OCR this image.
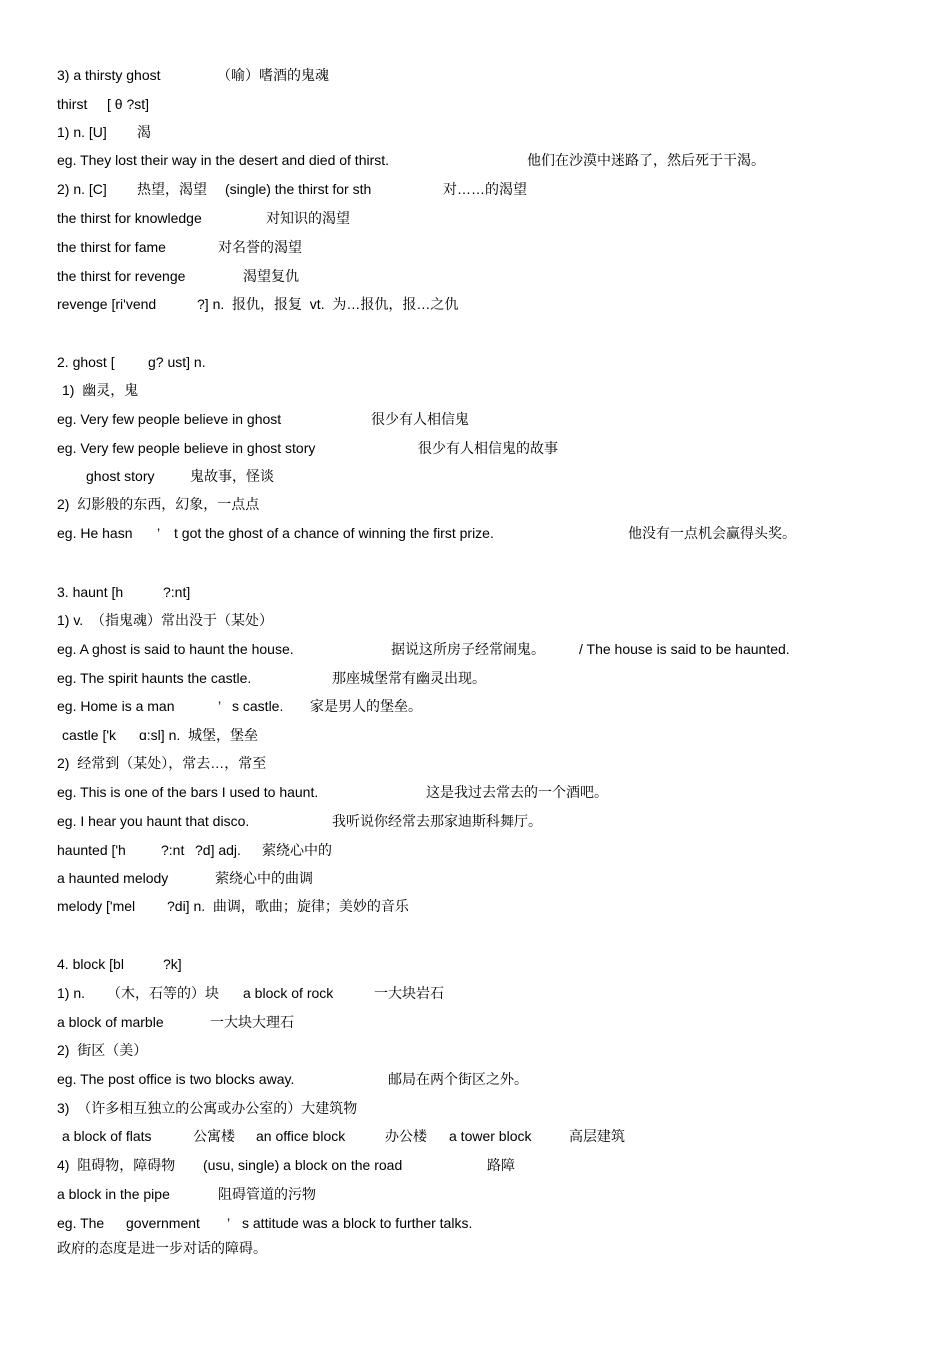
3) a thirsty ghost	（喻）嗜酒的鬼魂
thirst [ θ ?st]
1) n. [U] 渴
eg. They lost their way in the desert and died of thirst.	他们在沙漠中迷路了，然后死于干渴。
2) n. [C] 热望，渴望 (single) the thirst for sth	对……的渴望
the thirst for knowledge	对知识的渴望
the thirst for fame	对名誉的渴望
the thirst for revenge	渴望复仇
revenge [ri'vend	?] n.  报仇，报复  vt.  为…报仇，报…之仇
2. ghost [ g? ust] n.
1)  幽灵，鬼
eg. Very few people believe in ghost	很少有人相信鬼
eg. Very few people believe in ghost story	很少有人相信鬼的故事
ghost story	鬼故事，怪谈
2)  幻影般的东西，幻象，一点点
eg. He hasn ’ t got the ghost of a chance of winning the first prize.	他没有一点机会赢得头奖。
3. haunt [h	?:nt]
1) v.  （指鬼魂）常出没于（某处）
eg. A ghost is said to haunt the house.	据说这所房子经常闹鬼。 / The house is said to be haunted.
eg. The spirit haunts the castle.	那座城堡常有幽灵出现。
eg. Home is a man	’ s castle. 家是男人的堡垒。
castle ['k ɑ:sl] n.  城堡，堡垒
2)  经常到（某处），常去…，常至
eg. This is one of the bars I used to haunt.	这是我过去常去的一个酒吧。
eg. I hear you haunt that disco.	我听说你经常去那家迪斯科舞厅。
haunted ['h	?:nt ?d] adj. 萦绕心中的
a haunted melody	萦绕心中的曲调
melody ['mel ?di] n.  曲调，歌曲；旋律；美妙的音乐
4. block [bl	?k]
1) n. （木，石等的）块 a block of rock	一大块岩石
a block of marble	一大块大理石
2)  街区（美）
eg. The post office is two blocks away.	邮局在两个街区之外。
3)  （许多相互独立的公寓或办公室的）大建筑物
a block of flats	公寓楼 an office block	办公楼 a tower block	高层建筑
4)  阻碍物，障碍物 (usu, single) a block on the road	路障
a block in the pipe	阻碍管道的污物
eg. The government ’ s attitude was a block to further talks.
政府的态度是进一步对话的障碍。
